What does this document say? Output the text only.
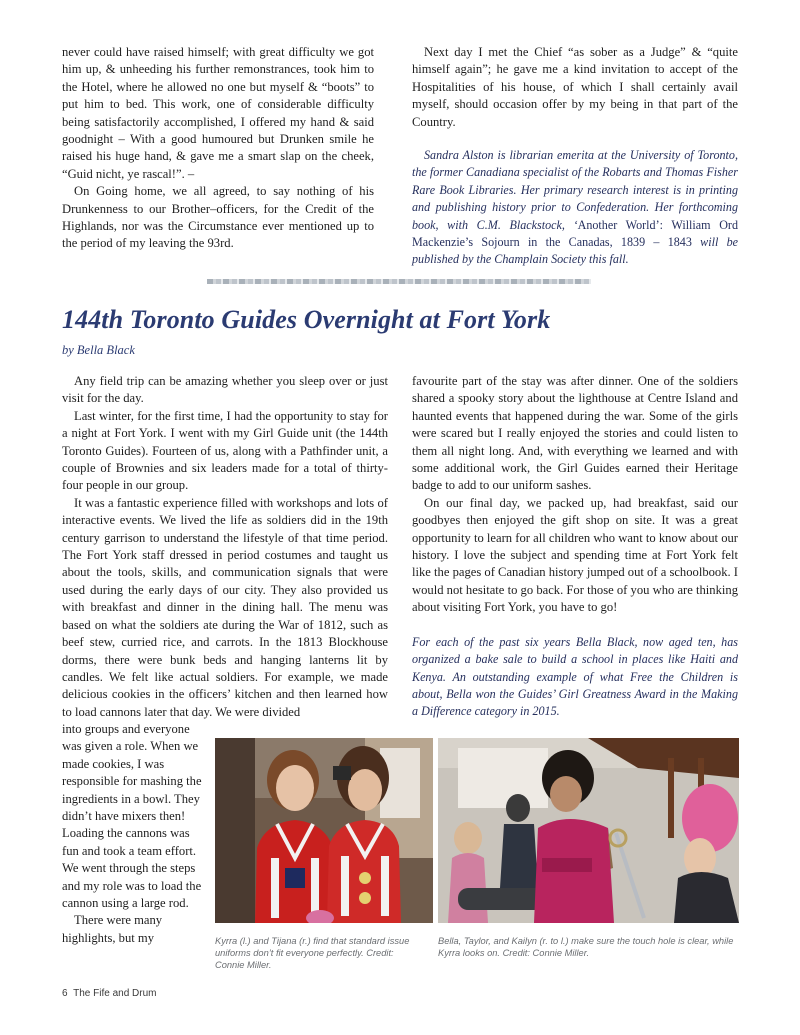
never could have raised himself; with great difficulty we got him up, & unheeding his further remonstrances, took him to the Hotel, where he allowed no one but myself & “boots” to put him to bed. This work, one of considerable difficulty being satisfactorily accomplished, I offered my hand & said goodnight – With a good humoured but Drunken smile he raised his huge hand, & gave me a smart slap on the cheek, “Guid nicht, ye rascal!”. –

On Going home, we all agreed, to say nothing of his Drunkenness to our Brother–officers, for the Credit of the Highlands, nor was the Circumstance ever mentioned up to the period of my leaving the 93rd.

Next day I met the Chief “as sober as a Judge” & “quite himself again”; he gave me a kind invitation to accept of the Hospitalities of his house, of which I shall certainly avail myself, should occasion offer by my being in that part of the Country.

Sandra Alston is librarian emerita at the University of Toronto, the former Canadiana specialist of the Robarts and Thomas Fisher Rare Book Libraries. Her primary research interest is in printing and publishing history prior to Confederation. Her forthcoming book, with C.M. Blackstock, ‘Another World’: William Ord Mackenzie’s Sojourn in the Canadas, 1839 – 1843 will be published by the Champlain Society this fall.

144th Toronto Guides Overnight at Fort York
by Bella Black

Any field trip can be amazing whether you sleep over or just visit for the day.

Last winter, for the first time, I had the opportunity to stay for a night at Fort York. I went with my Girl Guide unit (the 144th Toronto Guides). Fourteen of us, along with a Pathfinder unit, a couple of Brownies and six leaders made for a total of thirty-four people in our group.

It was a fantastic experience filled with workshops and lots of interactive events. We lived the life as soldiers did in the 19th century garrison to understand the lifestyle of that time period. The Fort York staff dressed in period costumes and taught us about the tools, skills, and communication signals that were used during the early days of our city. They also provided us with breakfast and dinner in the dining hall. The menu was based on what the soldiers ate during the War of 1812, such as beef stew, curried rice, and carrots. In the 1813 Blockhouse dorms, there were bunk beds and hanging lanterns lit by candles. We felt like actual soldiers. For example, we made delicious cookies in the officers’ kitchen and then learned how to load cannons later that day. We were divided

into groups and everyone was given a role. When we made cookies, I was responsible for mashing the ingredients in a bowl. They didn’t have mixers then! Loading the cannons was fun and took a team effort. We went through the steps and my role was to load the cannon using a large rod.

There were many highlights, but my

favourite part of the stay was after dinner. One of the soldiers shared a spooky story about the lighthouse at Centre Island and haunted events that happened during the war. Some of the girls were scared but I really enjoyed the stories and could listen to them all night long. And, with everything we learned and with some additional work, the Girl Guides earned their Heritage badge to add to our uniform sashes.

On our final day, we packed up, had breakfast, said our goodbyes then enjoyed the gift shop on site. It was a great opportunity to learn for all children who want to know about our history. I love the subject and spending time at Fort York felt like the pages of Canadian history jumped out of a schoolbook. I would not hesitate to go back. For those of you who are thinking about visiting Fort York, you have to go!

For each of the past six years Bella Black, now aged ten, has organized a bake sale to build a school in places like Haiti and Kenya. An outstanding example of what Free the Children is about, Bella won the Guides’ Girl Greatness Award in the Making a Difference category in 2015.

Kyrra (l.) and Tijana (r.) find that standard issue uniforms don’t fit everyone perfectly. Credit: Connie Miller.
Bella, Taylor, and Kailyn (r. to l.) make sure the touch hole is clear, while Kyrra looks on. Credit: Connie Miller.
6 The Fife and Drum
